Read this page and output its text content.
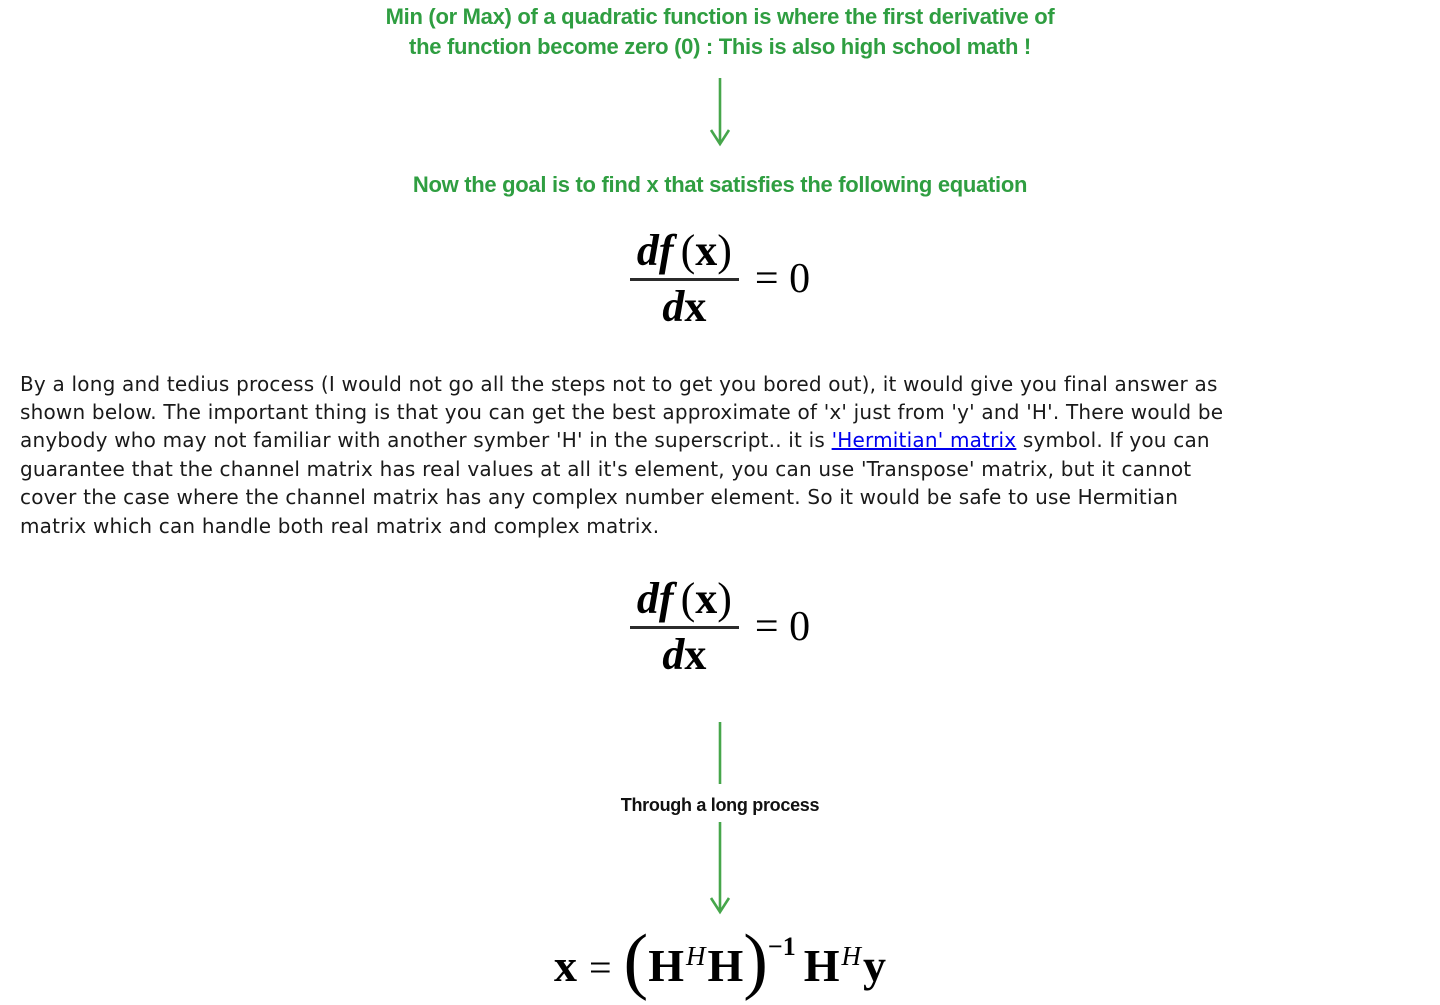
Min (or Max) of a quadratic function is where the first derivative of
the function become zero (0) : This is also high school math !
Now the goal is to find x that satisfies the following equation
$\frac{df (x)}{dx} = 0$
By a long and tedius process (I would not go all the steps not to get you bored out), it would give you final answer as
shown below. The important thing is that you can get the best approximate of 'x' just from 'y' and 'H'. There would be
anybody who may not familiar with another symber 'H' in the superscript.. it is 'Hermitian' matrix symbol. If you can
guarantee that the channel matrix has real values at all it's element, you can use 'Transpose' matrix, but it cannot
cover the case where the channel matrix has any complex number element. So it would be safe to use Hermitian
matrix which can handle both real matrix and complex matrix.
$\frac{df (x)}{dx} = 0$
Through a long process
x = (HHH)−1 HHy
